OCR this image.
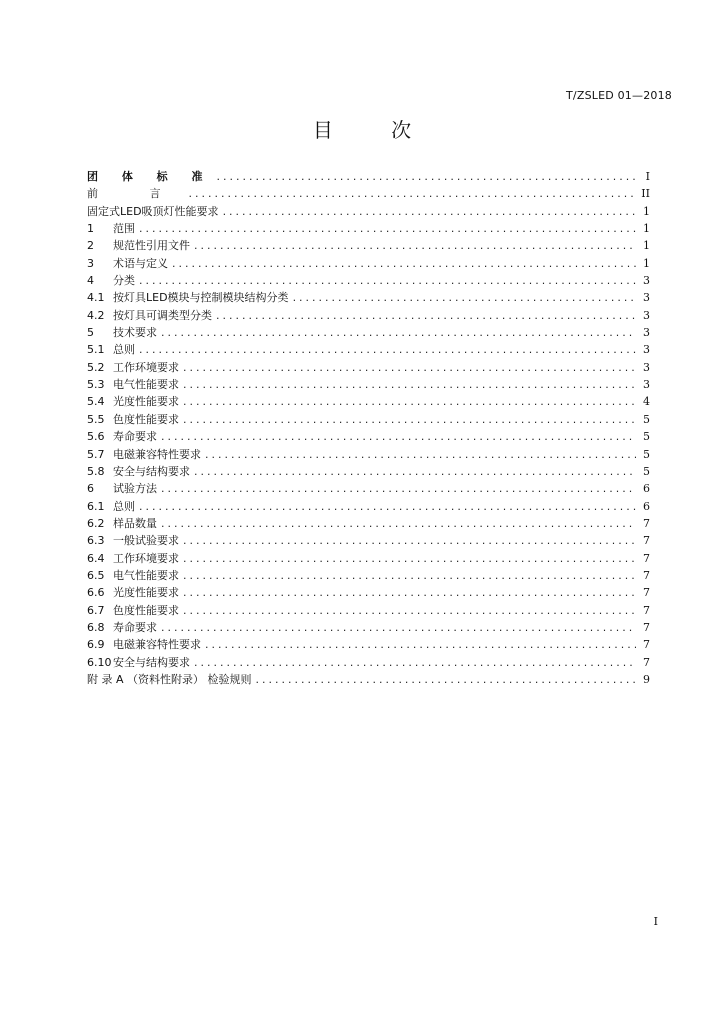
T/ZSLED 01—2018
目 次
团 体 标 准 .....	I
前 言 .....	II
固定式LED吸顶灯性能要求 .....	1
1	范围 .....	1
2	规范性引用文件 .....	1
3	术语与定义 .....	1
4	分类 .....	3
4.1 按灯具LED模块与控制模块结构分类 .....	3
4.2 按灯具可调类型分类 .....	3
5	技术要求 .....	3
5.1 总则 .....	3
5.2 工作环境要求 .....	3
5.3 电气性能要求 .....	3
5.4 光度性能要求 .....	4
5.5 色度性能要求 .....	5
5.6 寿命要求 .....	5
5.7 电磁兼容特性要求 .....	5
5.8 安全与结构要求 .....	5
6	试验方法 .....	6
6.1 总则 .....	6
6.2 样品数量 .....	7
6.3 一般试验要求 .....	7
6.4 工作环境要求 .....	7
6.5 电气性能要求 .....	7
6.6 光度性能要求 .....	7
6.7 色度性能要求 .....	7
6.8 寿命要求 .....	7
6.9 电磁兼容特性要求 .....	7
6.10 安全与结构要求 .....	7
附 录 A （资料性附录） 检验规则 .....	9
I
